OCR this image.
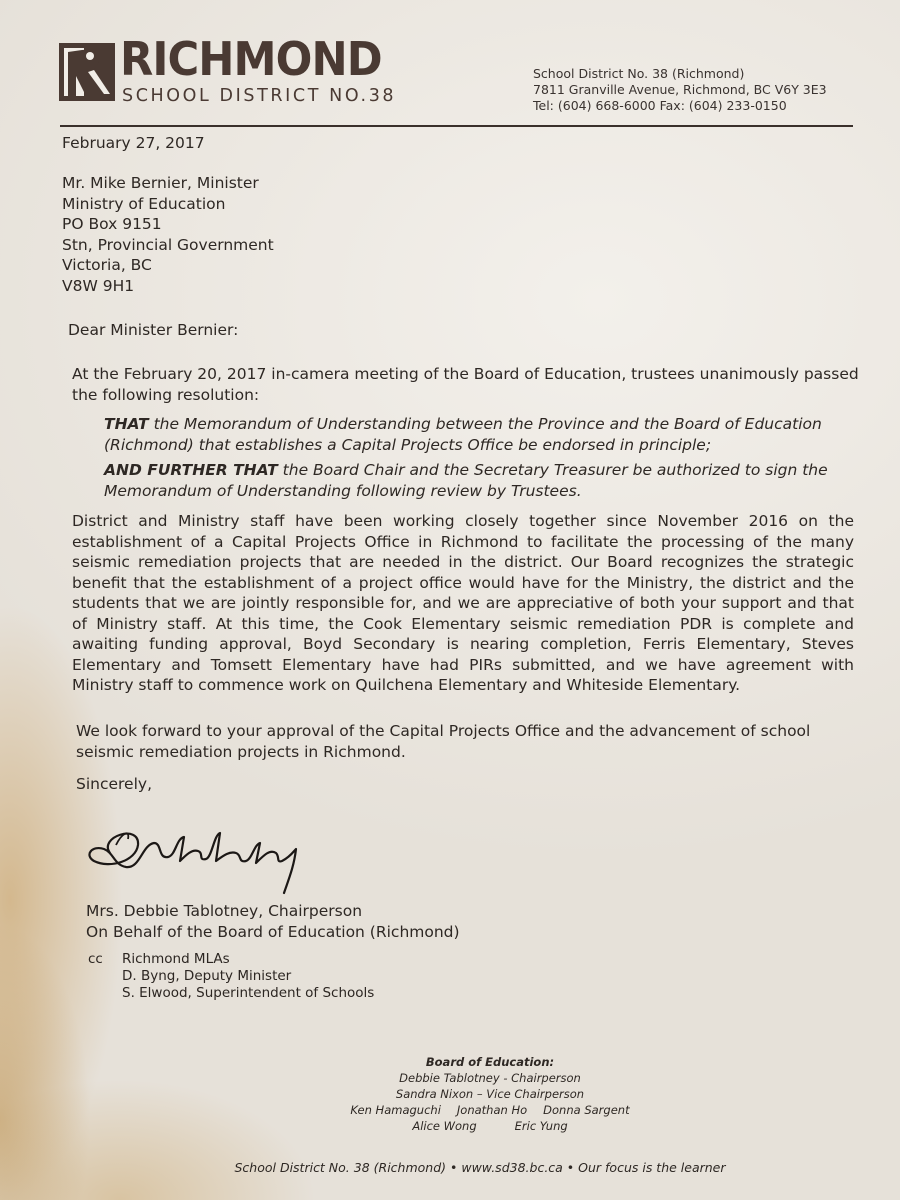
RICHMOND
SCHOOL DISTRICT NO.38
School District No. 38 (Richmond)
7811 Granville Avenue, Richmond, BC V6Y 3E3
Tel: (604) 668-6000 Fax: (604) 233-0150
February 27, 2017
Mr. Mike Bernier, Minister
Ministry of Education
PO Box 9151
Stn, Provincial Government
Victoria, BC
V8W 9H1
Dear Minister Bernier:
At the February 20, 2017 in-camera meeting of the Board of Education, trustees unanimously passed the following resolution:
THAT the Memorandum of Understanding between the Province and the Board of Education (Richmond) that establishes a Capital Projects Office be endorsed in principle;
AND FURTHER THAT the Board Chair and the Secretary Treasurer be authorized to sign the Memorandum of Understanding following review by Trustees.
District and Ministry staff have been working closely together since November 2016 on the establishment of a Capital Projects Office in Richmond to facilitate the processing of the many seismic remediation projects that are needed in the district. Our Board recognizes the strategic benefit that the establishment of a project office would have for the Ministry, the district and the students that we are jointly responsible for, and we are appreciative of both your support and that of Ministry staff. At this time, the Cook Elementary seismic remediation PDR is complete and awaiting funding approval, Boyd Secondary is nearing completion, Ferris Elementary, Steves Elementary and Tomsett Elementary have had PIRs submitted, and we have agreement with Ministry staff to commence work on Quilchena Elementary and Whiteside Elementary.
We look forward to your approval of the Capital Projects Office and the advancement of school seismic remediation projects in Richmond.
Sincerely,
Mrs. Debbie Tablotney, Chairperson
On Behalf of the Board of Education (Richmond)
cc Richmond MLAs
D. Byng, Deputy Minister
S. Elwood, Superintendent of Schools
Board of Education:
Debbie Tablotney - Chairperson
Sandra Nixon – Vice Chairperson
Ken Hamaguchi Jonathan Ho Donna Sargent
Alice Wong	Eric Yung
School District No. 38 (Richmond) • www.sd38.bc.ca • Our focus is the learner
